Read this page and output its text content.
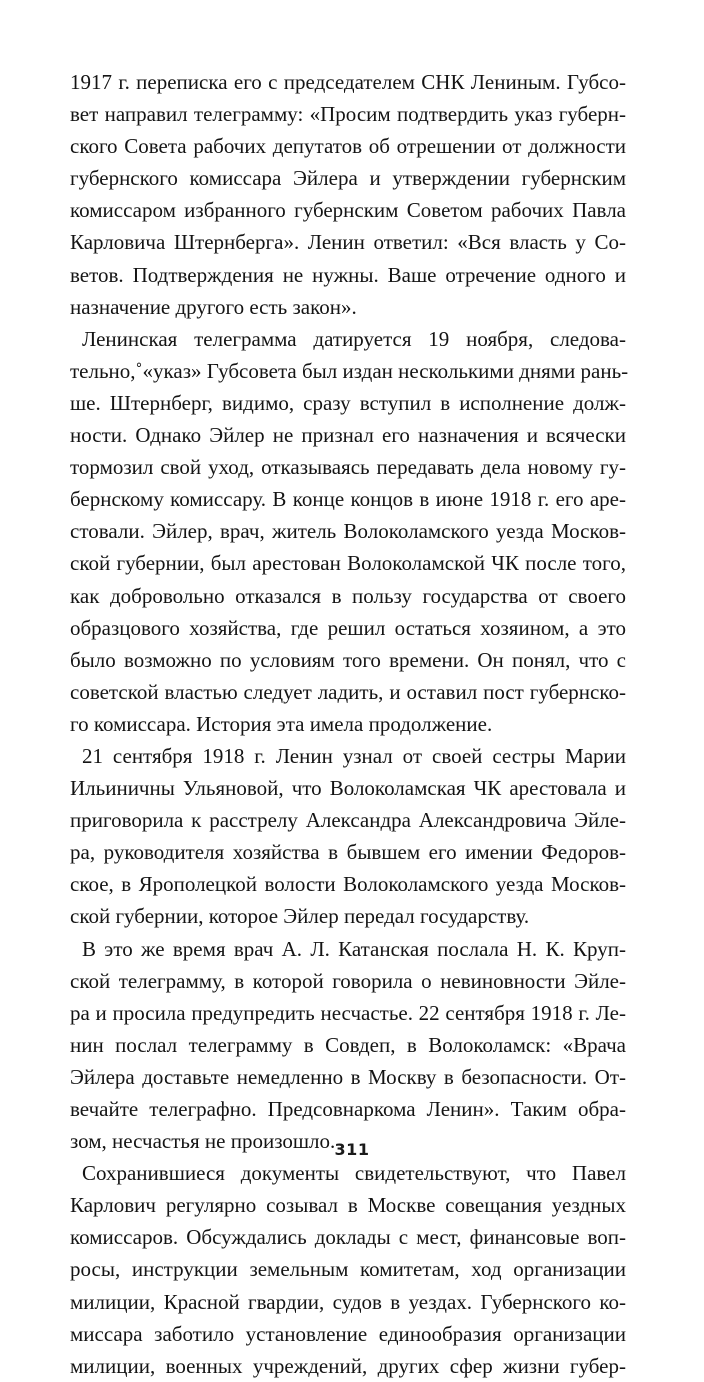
1917 г. переписка его с председателем СНК Лениным. Губсо-
вет направил телеграмму: «Просим подтвердить указ губерн-
ского Совета рабочих депутатов об отрешении от должности
губернского комиссара Эйлера и утверждении губернским
комиссаром избранного губернским Советом рабочих Павла
Карловича Штернберга». Ленин ответил: «Вся власть у Со-
ветов. Подтверждения не нужны. Ваше отречение одного и
назначение другого есть закон».
Ленинская телеграмма датируется 19 ноября, следова-
тельно,˚«указ» Губсовета был издан несколькими днями рань-
ше. Штернберг, видимо, сразу вступил в исполнение долж-
ности. Однако Эйлер не признал его назначения и всячески
тормозил свой уход, отказываясь передавать дела новому гу-
бернскому комиссару. В конце концов в июне 1918 г. его аре-
стовали. Эйлер, врач, житель Волоколамского уезда Москов-
ской губернии, был арестован Волоколамской ЧК после того,
как добровольно отказался в пользу государства от своего
образцового хозяйства, где решил остаться хозяином, а это
было возможно по условиям того времени. Он понял, что с
советской властью следует ладить, и оставил пост губернско-
го комиссара. История эта имела продолжение.
21 сентября 1918 г. Ленин узнал от своей сестры Марии
Ильиничны Ульяновой, что Волоколамская ЧК арестовала и
приговорила к расстрелу Александра Александровича Эйле-
ра, руководителя хозяйства в бывшем его имении Федоров-
ское, в Ярополецкой волости Волоколамского уезда Москов-
ской губернии, которое Эйлер передал государству.
В это же время врач А. Л. Катанская послала Н. К. Круп-
ской телеграмму, в которой говорила о невиновности Эйле-
ра и просила предупредить несчастье. 22 сентября 1918 г. Ле-
нин послал телеграмму в Совдеп, в Волоколамск: «Врача
Эйлера доставьте немедленно в Москву в безопасности. От-
вечайте телеграфно. Предсовнаркома Ленин». Таким обра-
зом, несчастья не произошло.
Сохранившиеся документы свидетельствуют, что Павел
Карлович регулярно созывал в Москве совещания уездных
комиссаров. Обсуждались доклады с мест, финансовые воп-
росы, инструкции земельным комитетам, ход организации
милиции, Красной гвардии, судов в уездах. Губернского ко-
миссара заботило установление единообразия организации
милиции, военных учреждений, других сфер жизни губер-
311
